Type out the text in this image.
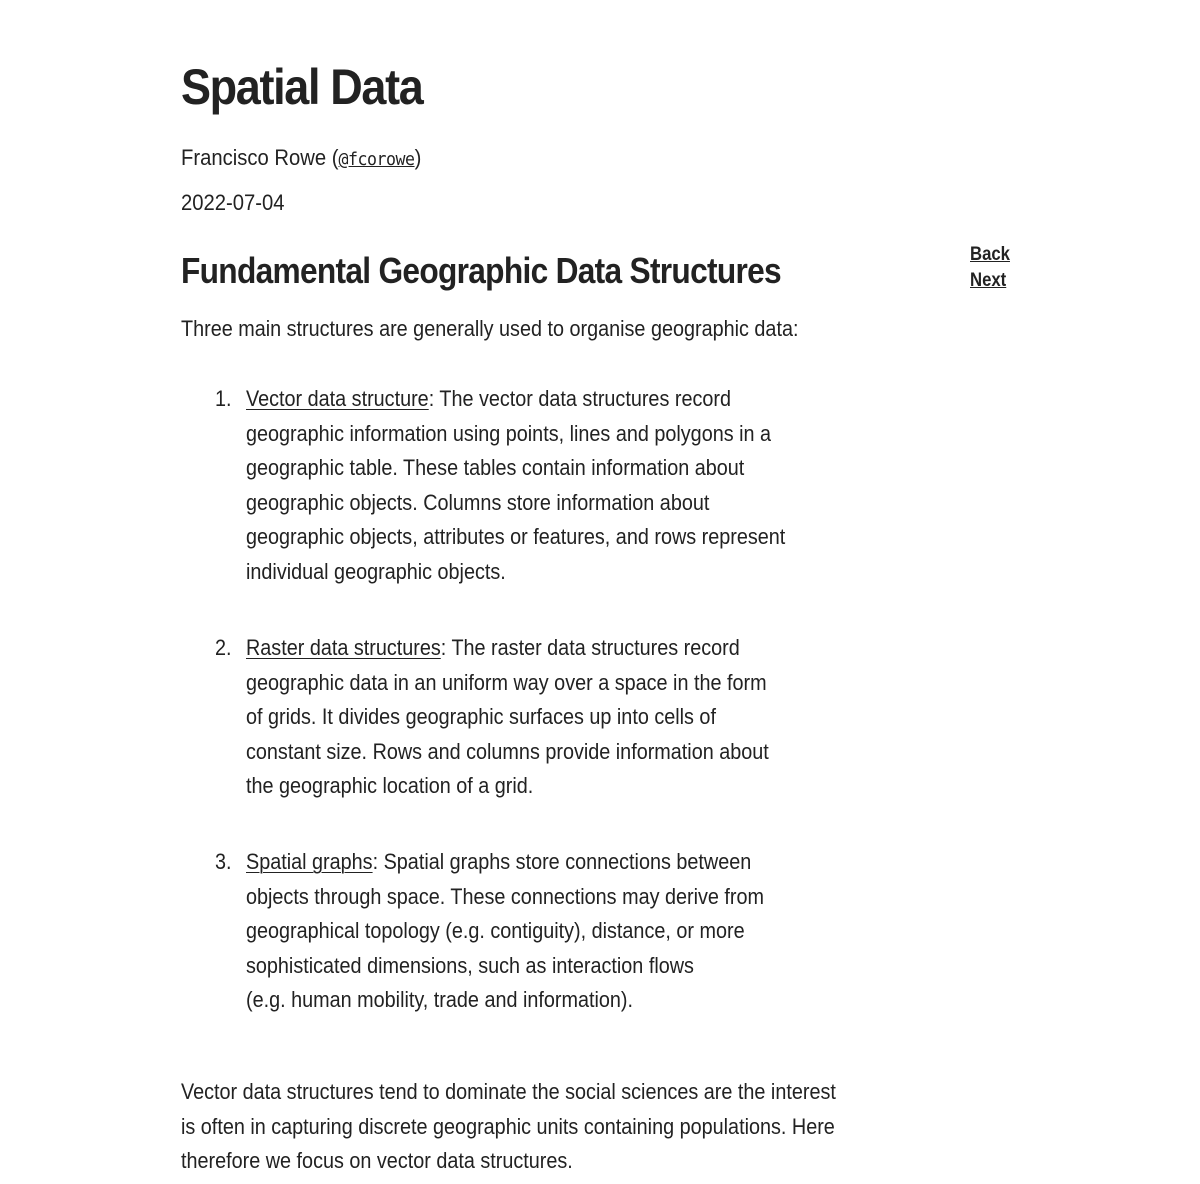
Spatial Data
Francisco Rowe (@fcorowe)
2022-07-04
Fundamental Geographic Data Structures
Three main structures are generally used to organise geographic data:
1. Vector data structure: The vector data structures record
geographic information using points, lines and polygons in a
geographic table. These tables contain information about
geographic objects. Columns store information about
geographic objects, attributes or features, and rows represent
individual geographic objects.
2. Raster data structures: The raster data structures record
geographic data in an uniform way over a space in the form
of grids. It divides geographic surfaces up into cells of
constant size. Rows and columns provide information about
the geographic location of a grid.
3. Spatial graphs: Spatial graphs store connections between
objects through space. These connections may derive from
geographical topology (e.g. contiguity), distance, or more
sophisticated dimensions, such as interaction flows
(e.g. human mobility, trade and information).
Vector data structures tend to dominate the social sciences are the interest
is often in capturing discrete geographic units containing populations. Here
therefore we focus on vector data structures.
Back
Next
